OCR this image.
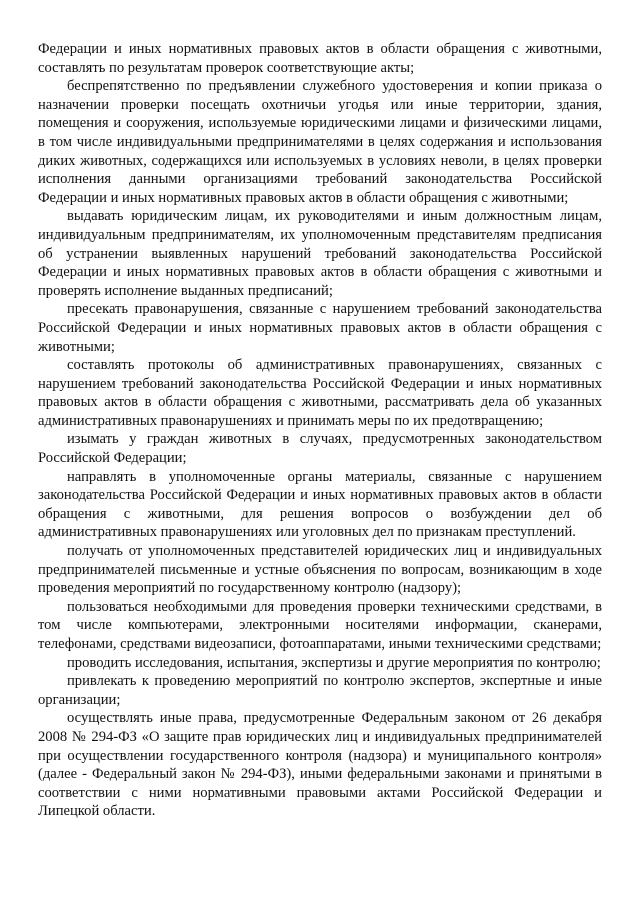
Федерации и иных нормативных правовых актов в области обращения с животными, составлять по результатам проверок соответствующие акты;

беспрепятственно по предъявлении служебного удостоверения и копии приказа о назначении проверки посещать охотничьи угодья или иные территории, здания, помещения и сооружения, используемые юридическими лицами и физическими лицами, в том числе индивидуальными предпринимателями в целях содержания и использования диких животных, содержащихся или используемых в условиях неволи, в целях проверки исполнения данными организациями требований законодательства Российской Федерации и иных нормативных правовых актов в области обращения с животными;

выдавать юридическим лицам, их руководителями и иным должностным лицам, индивидуальным предпринимателям, их уполномоченным представителям предписания об устранении выявленных нарушений требований законодательства Российской Федерации и иных нормативных правовых актов в области обращения с животными и проверять исполнение выданных предписаний;

пресекать правонарушения, связанные с нарушением требований законодательства Российской Федерации и иных нормативных правовых актов в области обращения с животными;

составлять протоколы об административных правонарушениях, связанных с нарушением требований законодательства Российской Федерации и иных нормативных правовых актов в области обращения с животными, рассматривать дела об указанных административных правонарушениях и принимать меры по их предотвращению;

изымать у граждан животных в случаях, предусмотренных законодательством Российской Федерации;

направлять в уполномоченные органы материалы, связанные с нарушением законодательства Российской Федерации и иных нормативных правовых актов в области обращения с животными, для решения вопросов о возбуждении дел об административных правонарушениях или уголовных дел по признакам преступлений.

получать от уполномоченных представителей юридических лиц и индивидуальных предпринимателей письменные и устные объяснения по вопросам, возникающим в ходе проведения мероприятий по государственному контролю (надзору);

пользоваться необходимыми для проведения проверки техническими средствами, в том числе компьютерами, электронными носителями информации, сканерами, телефонами, средствами видеозаписи, фотоаппаратами, иными техническими средствами;

проводить исследования, испытания, экспертизы и другие мероприятия по контролю;

привлекать к проведению мероприятий по контролю экспертов, экспертные и иные организации;

осуществлять иные права, предусмотренные Федеральным законом от 26 декабря 2008 № 294-ФЗ «О защите прав юридических лиц и индивидуальных предпринимателей при осуществлении государственного контроля (надзора) и муниципального контроля» (далее - Федеральный закон № 294-ФЗ), иными федеральными законами и принятыми в соответствии с ними нормативными правовыми актами Российской Федерации и Липецкой области.
